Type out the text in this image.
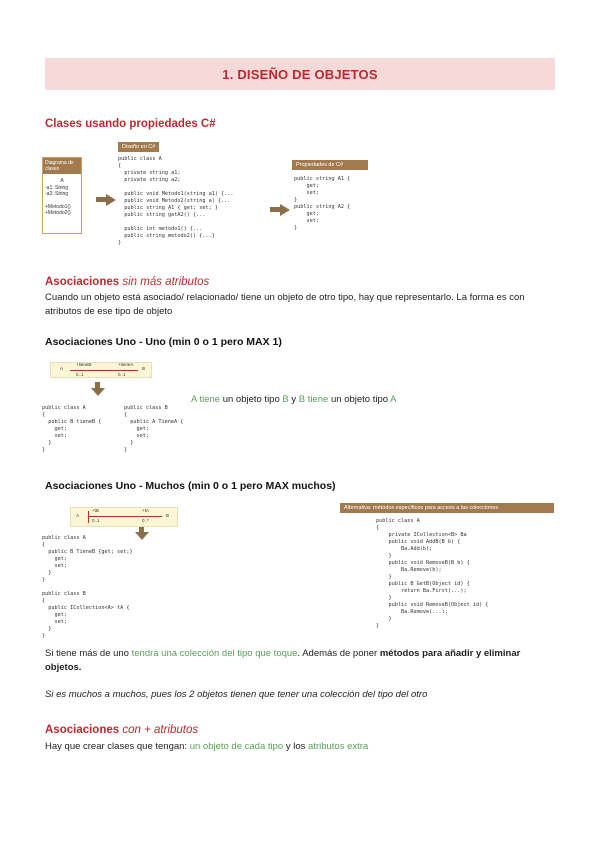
1. DISEÑO DE OBJETOS
Clases usando propiedades C#
Diagrama de clases
A
-a1: String
-a2: String
+Metodo1()
+Metodo2()
Diseño en C#
public class A
{
private string a1;
private string a2;

public void Metodo1(string a1) {...
public void Metodo2(string a) {...
public string A1 { get; set; }
public string getA2() {...

public int metodo1() {...
public string metodo2() {...}
}
Propiedades de C#
public string A1 {
get;
set;
}
public string A2 {
get;
set;
}
Asociaciones sin más atributos
Cuando un objeto está asociado/ relacionado/ tiene un objeto de otro tipo, hay que representarlo. La forma es con atributos de ese tipo de objeto
Asociaciones Uno - Uno (min 0 o 1 pero MAX 1)
A	B
+tieneB	+tieneA
0..1	0..1
public class A
{
public B tieneB {
get;
set;
}
}
public class B
{
public A TieneA {
get;
set;
}
}
A tiene un objeto tipo B y B tiene un objeto tipo A
Asociaciones Uno - Muchos (min 0 o 1 pero MAX muchos)
A	B
+tB	+tA
0..1	0..*
public class A
{
public B TieneB {get; set;}
get;
set;
}
}

public class B
{
public ICollection<A> tA {
get;
set;
}
}
Alternativa: métodos específicos para acceso a las colecciones
public class A
{
private ICollection<B> Ba
public void AddB(B b) {
Ba.Add(b);
}
public void RemoveB(B b) {
Ba.Remove(b);
}
public B GetB(Object id) {
return Ba.First(...);
}
public void RemoveB(Object id) {
Ba.Remove(...);
}
}
Si tiene más de uno tendrá una colección del tipo que toque. Además de poner métodos para añadir y eliminar objetos.
Si es muchos a muchos, pues los 2 objetos tienen que tener una colección del tipo del otro
Asociaciones con + atributos
Hay que crear clases que tengan: un objeto de cada tipo y los atributos extra
